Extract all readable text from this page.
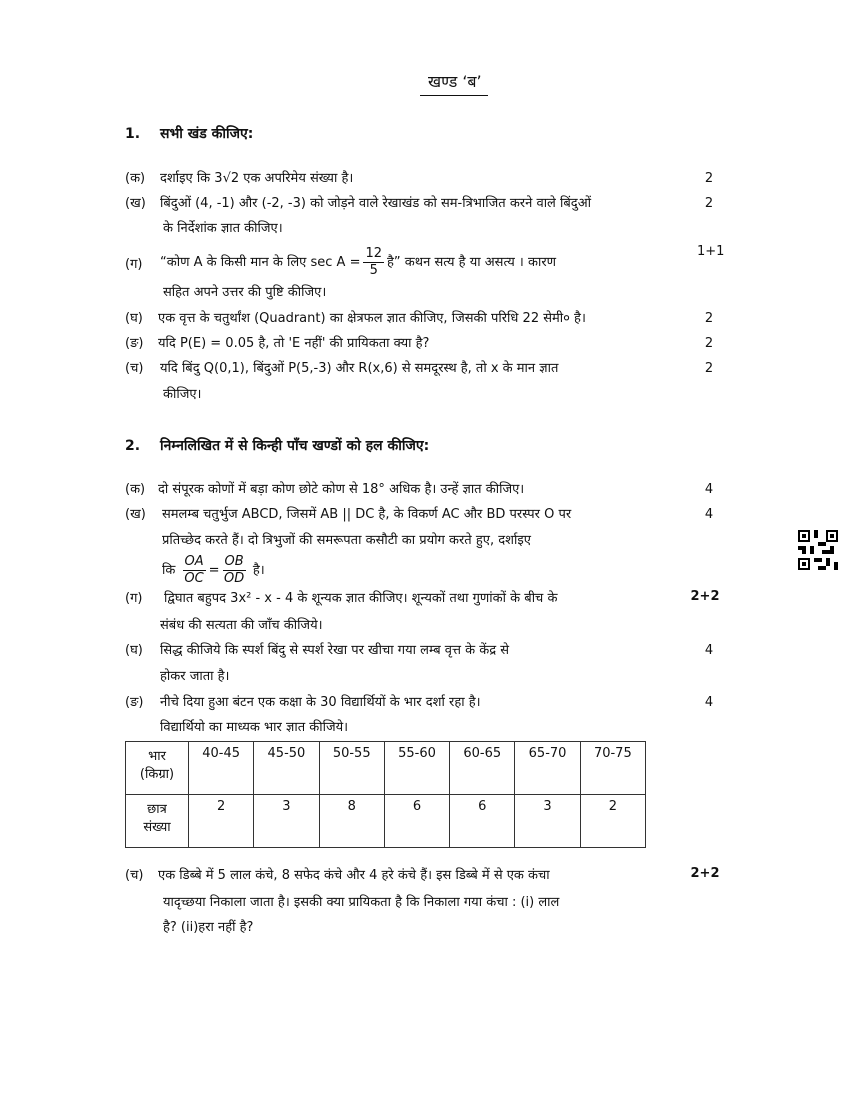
खण्ड ‘ब’
1. सभी खंड कीजिए:
(क) दर्शाइए कि 3√2 एक अपरिमेय संख्या है।	2
(ख) बिंदुओं (4, -1) और (-2, -3) को जोड़ने वाले रेखाखंड को सम-त्रिभाजित करने वाले बिंदुओं
के निर्देशांक ज्ञात कीजिए।
2
(ग) “कोण A के किसी मान के लिए $\sec A = \frac{12}{5}$ है” कथन सत्य है या असत्य । कारण
सहित अपने उत्तर की पुष्टि कीजिए।
1+1
(घ) एक वृत्त के चतुर्थांश (Quadrant) का क्षेत्रफल ज्ञात कीजिए, जिसकी परिधि 22 सेमी० है।	2
(ङ) यदि P(E) = 0.05 है, तो 'E नहीं' की प्रायिकता क्या है?	2
(च) यदि बिंदु Q(0,1), बिंदुओं P(5,-3) और R(x,6) से समदूरस्थ है, तो x के मान ज्ञात
कीजिए।
2
2. निम्नलिखित में से किन्ही पाँच खण्डों को हल कीजिए:
(क) दो संपूरक कोणों में बड़ा कोण छोटे कोण से 18° अधिक है। उन्हें ज्ञात कीजिए।	4
(ख) समलम्ब चतुर्भुज ABCD, जिसमें AB || DC है, के विकर्ण AC और BD परस्पर O पर
प्रतिच्छेद करते हैं। दो त्रिभुजों की समरूपता कसौटी का प्रयोग करते हुए, दर्शाइए
कि $\frac{OA}{OC} = \frac{OB}{OD}$ है।
4
(ग) द्विघात बहुपद 3x² - x - 4 के शून्यक ज्ञात कीजिए। शून्यकों तथा गुणांकों के बीच के
संबंध की सत्यता की जाँच कीजिये।
2+2
(घ) सिद्ध कीजिये कि स्पर्श बिंदु से स्पर्श रेखा पर खीचा गया लम्ब वृत्त के केंद्र से
होकर जाता है।
4
(ङ) नीचे दिया हुआ बंटन एक कक्षा के 30 विद्यार्थियों के भार दर्शा रहा है।
विद्यार्थियो का माध्यक भार ज्ञात कीजिये।
4
भार
(किग्रा)	40-45	45-50	50-55	55-60	60-65	65-70	70-75

छात्र
संख्या	2	3	8	6	6	3	2
(च) एक डिब्बे में 5 लाल कंचे, 8 सफेद कंचे और 4 हरे कंचे हैं। इस डिब्बे में से एक कंचा
यादृच्छया निकाला जाता है। इसकी क्या प्रायिकता है कि निकाला गया कंचा : (i) लाल
है? (ii)हरा नहीं है?
2+2
